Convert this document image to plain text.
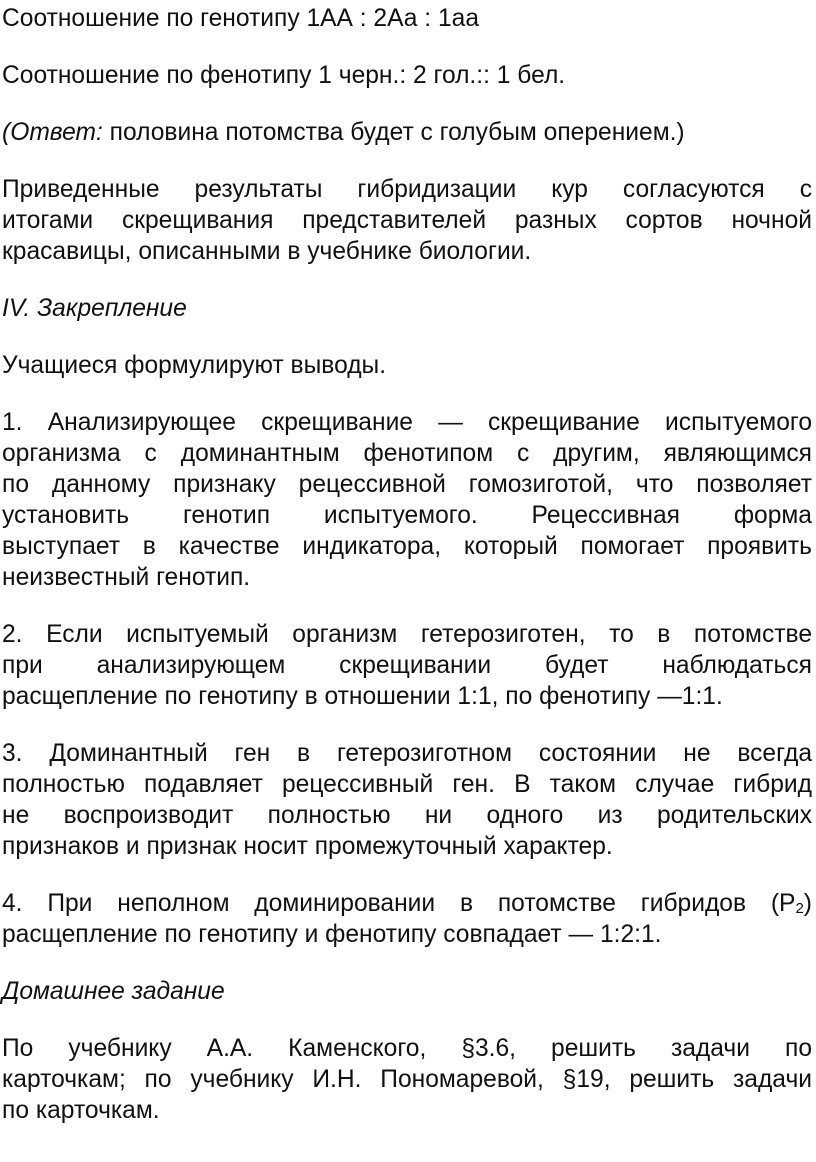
Соотношение по генотипу 1АА : 2Аа : 1аа
Соотношение по фенотипу 1 черн.: 2 гол.:: 1 бел.
(Ответ: половина потомства будет с голубым оперением.)
Приведенные результаты гибридизации кур согласуются с
итогами скрещивания представителей разных сортов ночной
красавицы, описанными в учебнике биологии.
IV. Закрепление
Учащиеся формулируют выводы.
1. Анализирующее скрещивание — скрещивание испытуемого
организма с доминантным фенотипом с другим, являющимся
по данному признаку рецессивной гомозиготой, что позволяет
установить генотип испытуемого. Рецессивная форма
выступает в качестве индикатора, который помогает проявить
неизвестный генотип.
2. Если испытуемый организм гетерозиготен, то в потомстве
при анализирующем скрещивании будет наблюдаться
расщепление по генотипу в отношении 1:1, по фенотипу —1:1.
3. Доминантный ген в гетерозиготном состоянии не всегда
полностью подавляет рецессивный ген. В таком случае гибрид
не воспроизводит полностью ни одного из родительских
признаков и признак носит промежуточный характер.
4. При неполном доминировании в потомстве гибридов $(Р_2)$
расщепление по генотипу и фенотипу совпадает — 1:2:1.
Домашнее задание
По учебнику А.А. Каменского, §3.6, решить задачи по
карточкам; по учебнику И.Н. Пономаревой, §19, решить задачи
по карточкам.
